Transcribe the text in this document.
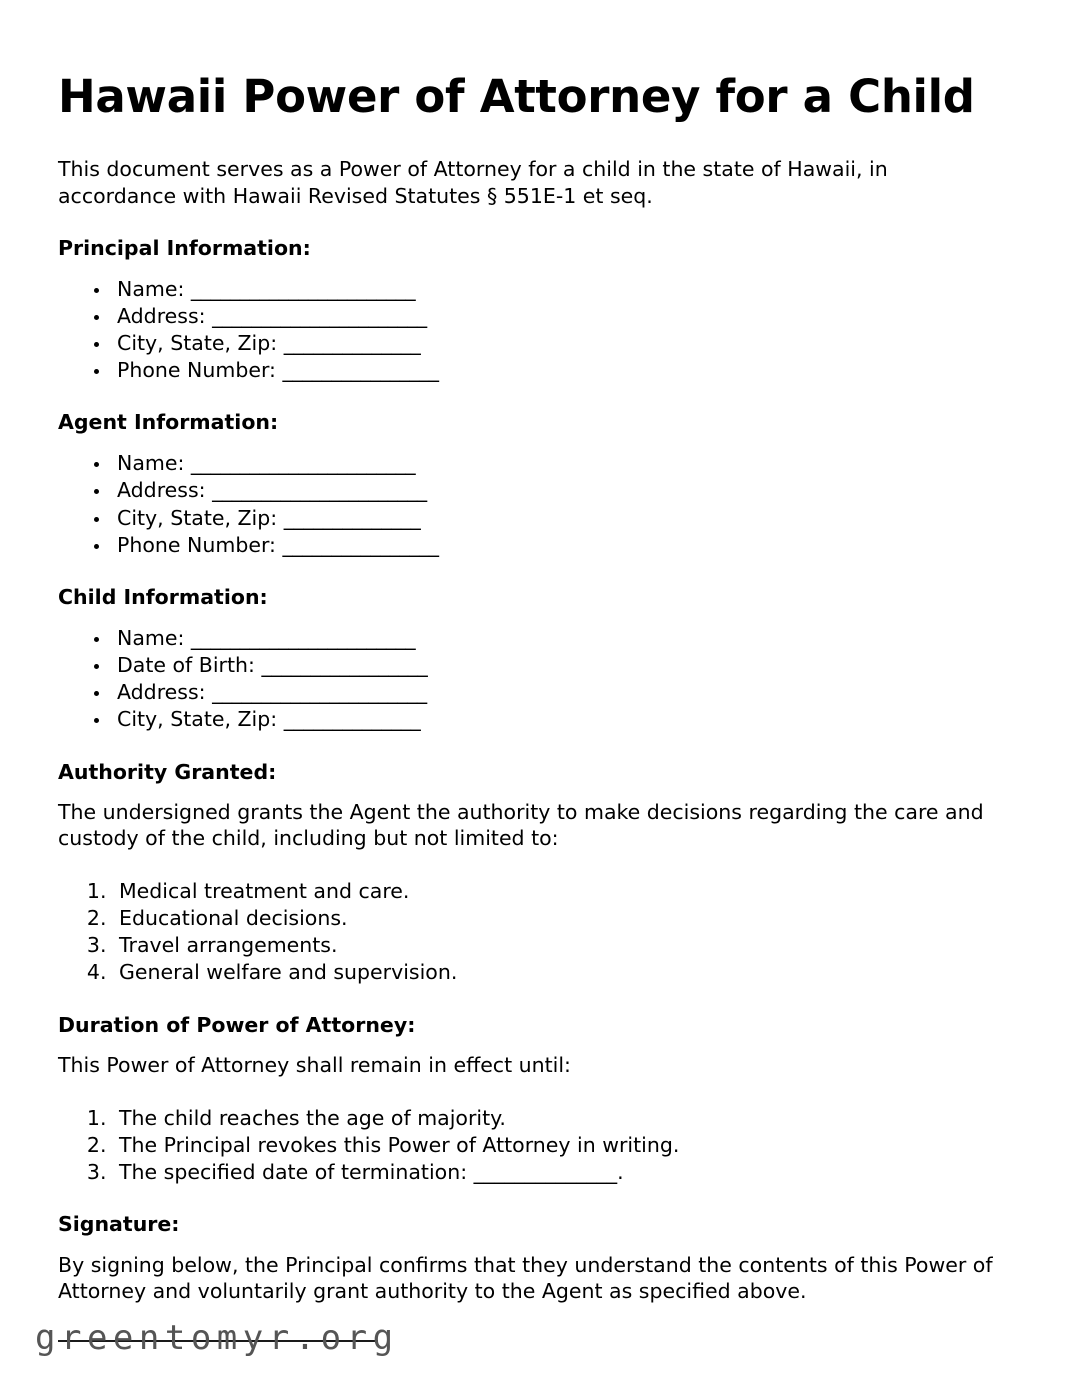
Hawaii Power of Attorney for a Child

This document serves as a Power of Attorney for a child in the state of Hawaii, in accordance with Hawaii Revised Statutes § 551E-1 et seq.

Principal Information:
• Name: _______________________
• Address: ______________________
• City, State, Zip: ______________
• Phone Number: ________________
Agent Information:
• Name: _______________________
• Address: ______________________
• City, State, Zip: ______________
• Phone Number: ________________
Child Information:
• Name: _______________________
• Date of Birth: _________________
• Address: ______________________
• City, State, Zip: ______________
Authority Granted:

The undersigned grants the Agent the authority to make decisions regarding the care and custody of the child, including but not limited to:

1. Medical treatment and care.
2. Educational decisions.
3. Travel arrangements.
4. General welfare and supervision.
Duration of Power of Attorney:

This Power of Attorney shall remain in effect until:

1. The child reaches the age of majority.
2. The Principal revokes this Power of Attorney in writing.
3. The specified date of termination: ______________.
Signature:

By signing below, the Principal confirms that they understand the contents of this Power of Attorney and voluntarily grant authority to the Agent as specified above.

greentomyr.org
